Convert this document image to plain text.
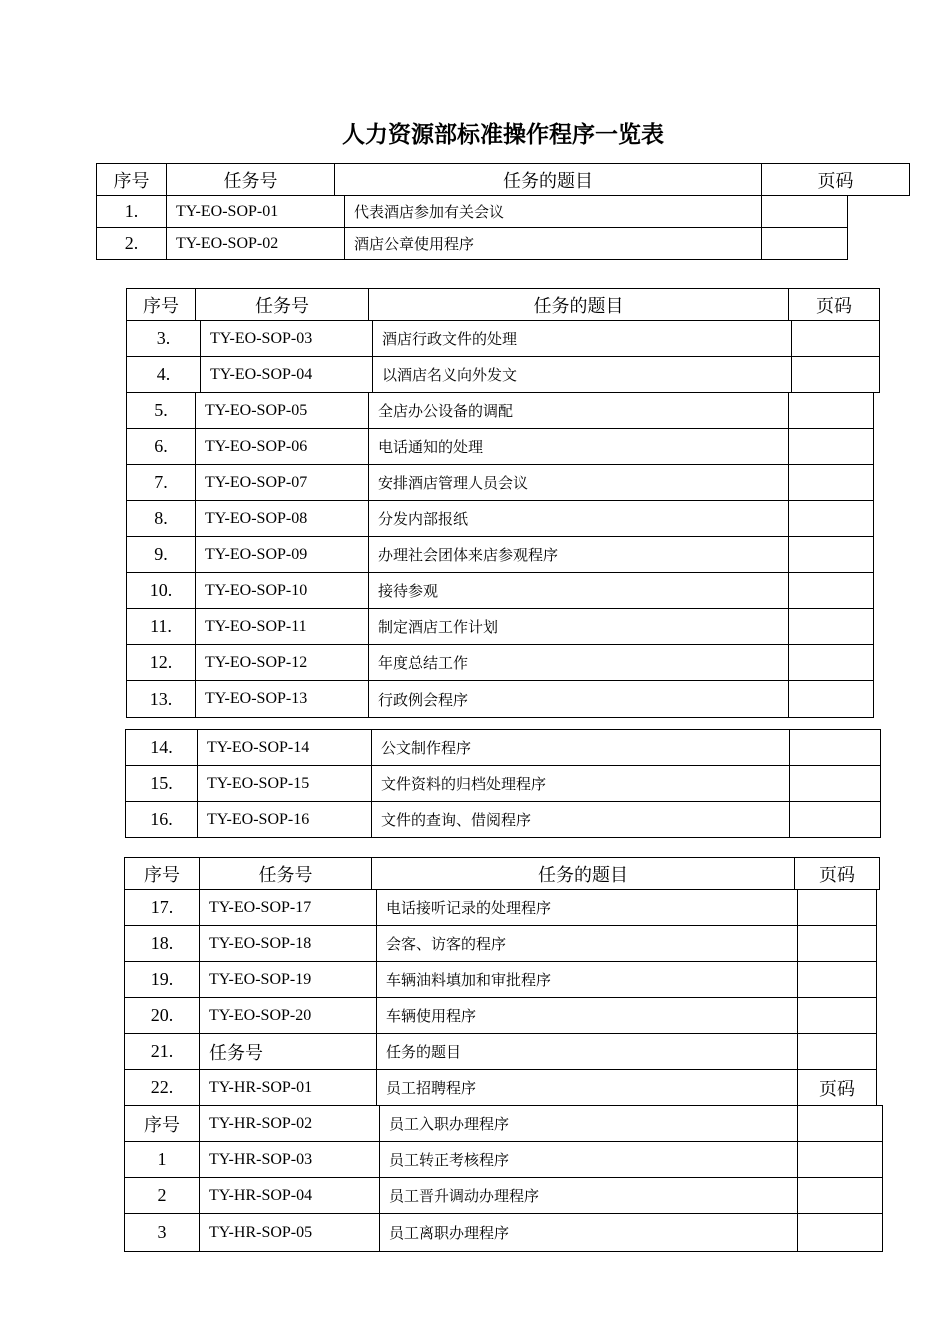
人力资源部标准操作程序一览表
序号	任务号	任务的题目	页码
1.	TY-EO-SOP-01	代表酒店参加有关会议
2.	TY-EO-SOP-02	酒店公章使用程序
序号	任务号	任务的题目	页码
3.	TY-EO-SOP-03	酒店行政文件的处理
4.	TY-EO-SOP-04	以酒店名义向外发文
5.	TY-EO-SOP-05	全店办公设备的调配
6.	TY-EO-SOP-06	电话通知的处理
7.	TY-EO-SOP-07	安排酒店管理人员会议
8.	TY-EO-SOP-08	分发内部报纸
9.	TY-EO-SOP-09	办理社会团体来店参观程序
10.	TY-EO-SOP-10	接待参观
11.	TY-EO-SOP-11	制定酒店工作计划
12.	TY-EO-SOP-12	年度总结工作
13.	TY-EO-SOP-13	行政例会程序
14.	TY-EO-SOP-14	公文制作程序
15.	TY-EO-SOP-15	文件资料的归档处理程序
16.	TY-EO-SOP-16	文件的查询、借阅程序
序号	任务号	任务的题目	页码
17.	TY-EO-SOP-17	电话接听记录的处理程序
18.	TY-EO-SOP-18	会客、访客的程序
19.	TY-EO-SOP-19	车辆油料填加和审批程序
20.	TY-EO-SOP-20	车辆使用程序
21.	任务号	任务的题目
22.	TY-HR-SOP-01	员工招聘程序	页码
序号	TY-HR-SOP-02	员工入职办理程序
1	TY-HR-SOP-03	员工转正考核程序
2	TY-HR-SOP-04	员工晋升调动办理程序
3	TY-HR-SOP-05	员工离职办理程序
